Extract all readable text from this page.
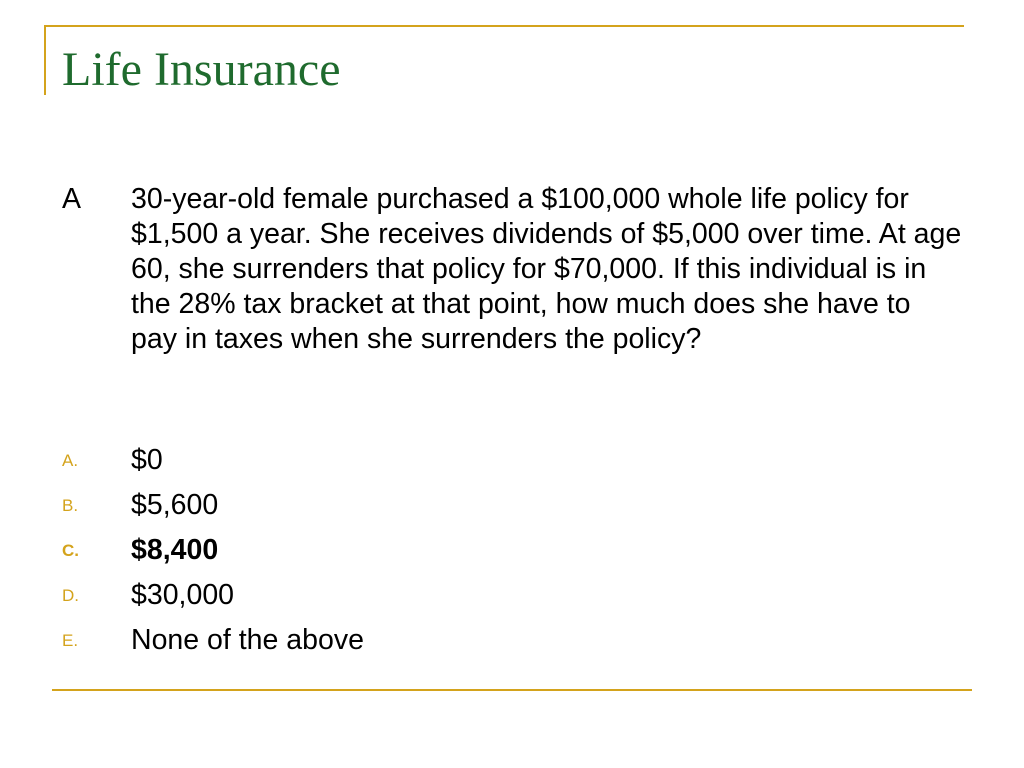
Life Insurance

A 30-year-old female purchased a $100,000 whole life policy for $1,500 a year. She receives dividends of $5,000 over time. At age 60, she surrenders that policy for $70,000. If this individual is in the 28% tax bracket at that point, how much does she have to pay in taxes when she surrenders the policy?

A.	$0
B.	$5,600
C.	$8,400
D.	$30,000
E.	None of the above
